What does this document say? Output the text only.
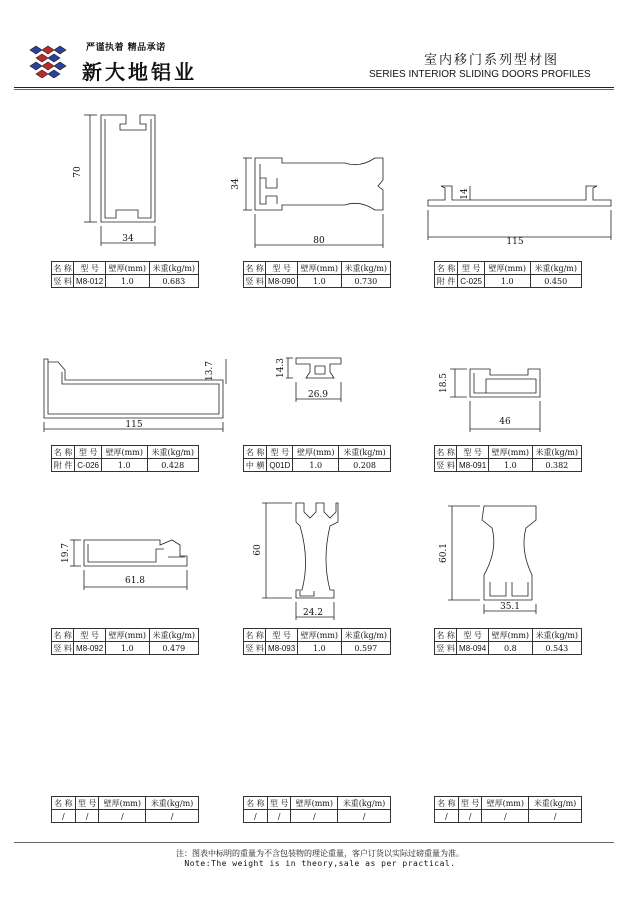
严谨执着 精品承诺
新大地铝业	室内移门系列型材图
SERIES INTERIOR SLIDING DOORS PROFILES
70
34
34
80
14
115
13.7
115
14.3
26.9
18.5
46
19.7
61.8
60
24.2
60.1
35.1
名 称	型 号	壁厚(mm)	米重(kg/m)
竖 料	M8-012	1.0	0.683
名 称	型 号	壁厚(mm)	米重(kg/m)
竖 料	M8-090	1.0	0.730
名 称	型 号	壁厚(mm)	米重(kg/m)
附 件	C-025	1.0	0.450
名 称	型 号	壁厚(mm)	米重(kg/m)
附 件	C-026	1.0	0.428
名 称	型 号	壁厚(mm)	米重(kg/m)
中 横	Q01D	1.0	0.208
名 称	型 号	壁厚(mm)	米重(kg/m)
竖 料	M8-091	1.0	0.382
名 称	型 号	壁厚(mm)	米重(kg/m)
竖 料	M8-092	1.0	0.479
名 称	型 号	壁厚(mm)	米重(kg/m)
竖 料	M8-093	1.0	0.597
名 称	型 号	壁厚(mm)	米重(kg/m)
竖 料	M8-094	0.8	0.543
名 称	型 号	壁厚(mm)	米重(kg/m)
/	/	/	/
名 称	型 号	壁厚(mm)	米重(kg/m)
/	/	/	/
名 称	型 号	壁厚(mm)	米重(kg/m)
/	/	/	/
注：图表中标明的重量为不含包装物的理论重量，客户订货以实际过磅重量为准。
Note:The weight is in theory,sale as per practical.
